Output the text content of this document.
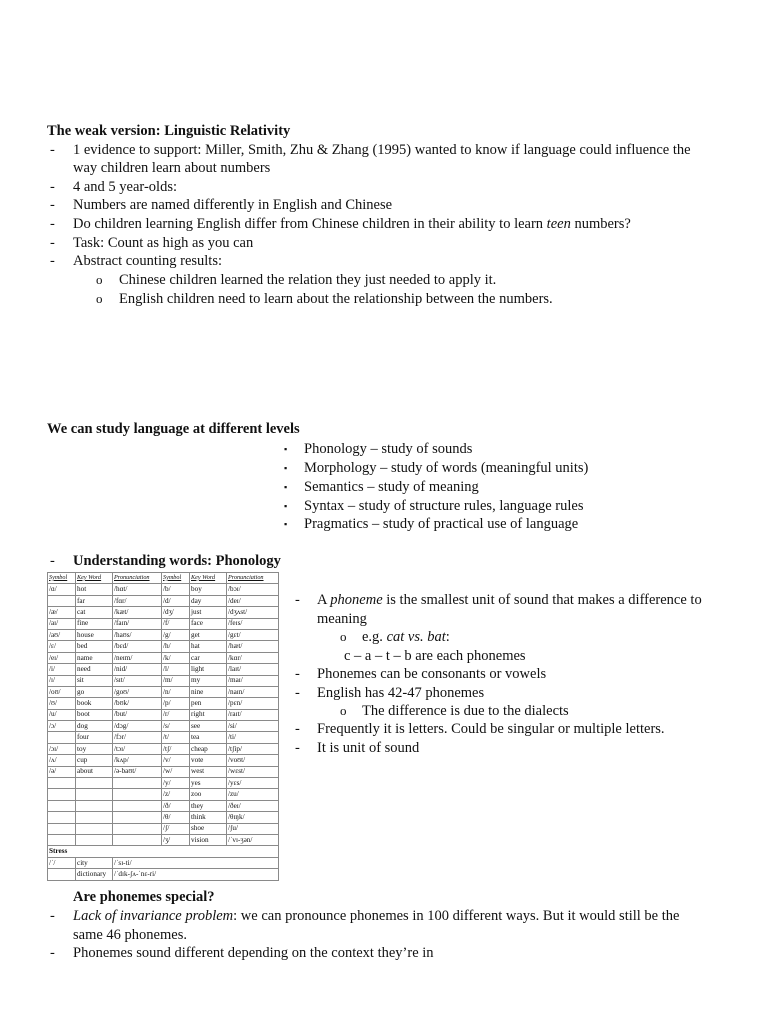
The weak version: Linguistic Relativity
- 1 evidence to support: Miller, Smith, Zhu & Zhang (1995) wanted to know if language could influence the
way children learn about numbers
- 4 and 5 year-olds:
- Numbers are named differently in English and Chinese
- Do children learning English differ from Chinese children in their ability to learn teen numbers?
- Task: Count as high as you can
- Abstract counting results:
o Chinese children learned the relation they just needed to apply it.
o English children need to learn about the relationship between the numbers.
We can study language at different levels
▪ Phonology – study of sounds
▪ Morphology – study of words (meaningful units)
▪ Semantics – study of meaning
▪ Syntax – study of structure rules, language rules
▪ Pragmatics – study of practical use of language
- Understanding words: Phonology
Symbol	Key Word	Pronunciation	Symbol	Key Word	Pronunciation
/ɑ/	hot	/hɑt/	/b/	boy	/bɔɪ/
	far	/fɑr/	/d/	day	/deɪ/
/æ/	cat	/kæt/	/dʒ/	just	/dʒʌst/
/aɪ/	fine	/faɪn/	/f/	face	/feɪs/
/aʊ/	house	/haʊs/	/g/	get	/gɛt/
/ɛ/	bed	/bɛd/	/h/	hat	/hæt/
/eɪ/	name	/neɪm/	/k/	car	/kɑr/
/i/	need	/nid/	/l/	light	/laɪt/
/ɪ/	sit	/sɪt/	/m/	my	/maɪ/
/oʊ/	go	/goʊ/	/n/	nine	/naɪn/
/ʊ/	book	/bʊk/	/p/	pen	/pɛn/
/u/	boot	/but/	/r/	right	/raɪt/
/ɔ/	dog	/dɔg/	/s/	see	/si/
	four	/fɔr/	/t/	tea	/ti/
/ɔɪ/	toy	/tɔɪ/	/tʃ/	cheap	/tʃip/
/ʌ/	cup	/kʌp/	/v/	vote	/voʊt/
/ə/	about	/ə-baʊt/	/w/	west	/wɛst/
			/y/	yes	/yɛs/
			/z/	zoo	/zu/
			/ð/	they	/ðeɪ/
			/θ/	think	/θɪŋk/
			/ʃ/	shoe	/ʃu/
			/ʒ/	vision	/ˈvɪ-ʒən/
Stress					
/ˈ/	city	/ˈsɪ-ti/			
	dictionary	/ˈdɪk-ʃʌ-ˈnɛ-ri/			
- A phoneme is the smallest unit of sound that makes a difference to
meaning
o e.g. cat vs. bat:
c – a – t – b are each phonemes
- Phonemes can be consonants or vowels
- English has 42-47 phonemes
o The difference is due to the dialects
- Frequently it is letters. Could be singular or multiple letters.
- It is unit of sound
Are phonemes special?
- Lack of invariance problem: we can pronounce phonemes in 100 different ways. But it would still be the
same 46 phonemes.
- Phonemes sound different depending on the context they’re in
